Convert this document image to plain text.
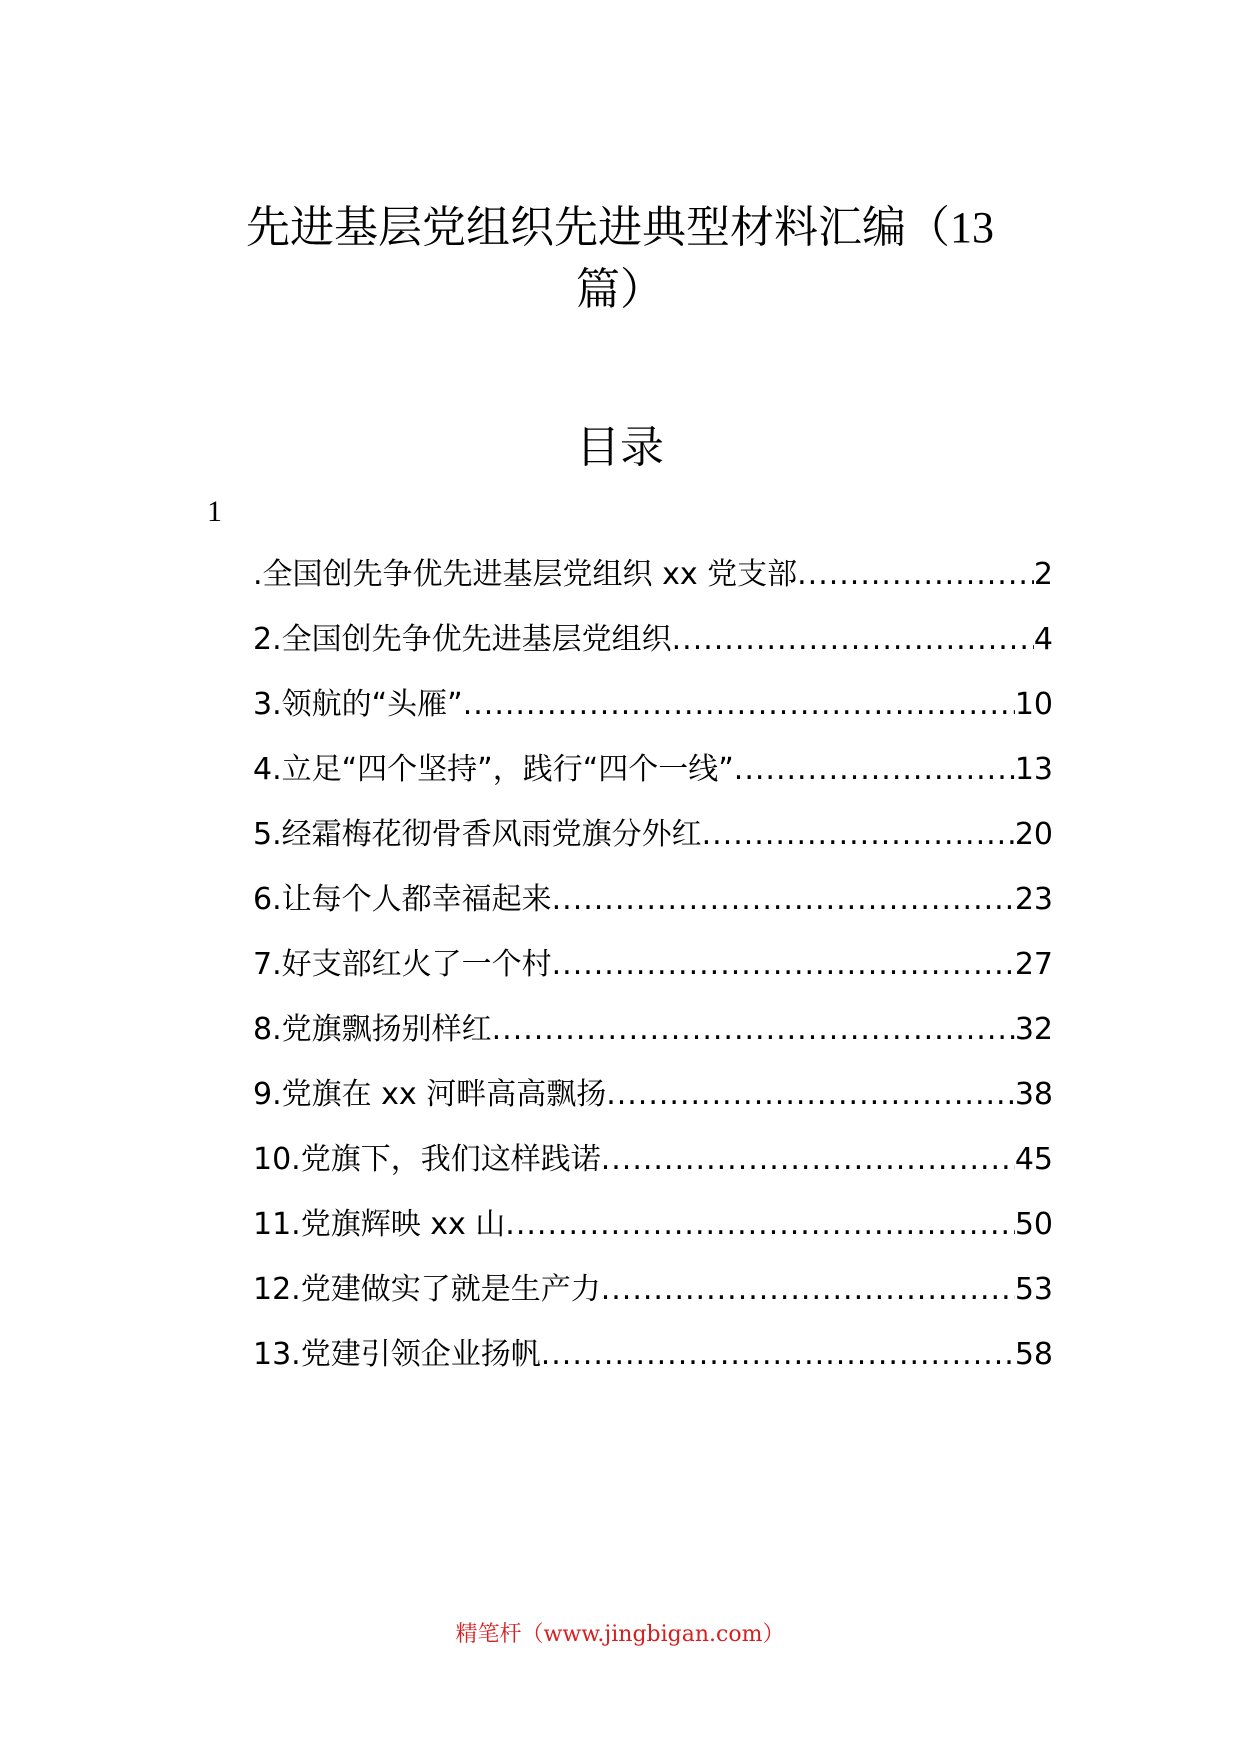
先进基层党组织先进典型材料汇编（13
篇）
目录
1
.全国创先争优先进基层党组织 xx 党支部 .....	2
2.全国创先争优先进基层党组织 .....	4
3.领航的“头雁” .....	10
4.立足“四个坚持”，践行“四个一线” .....	13
5.经霜梅花彻骨香风雨党旗分外红 .....	20
6.让每个人都幸福起来 .....	23
7.好支部红火了一个村 .....	27
8.党旗飘扬别样红 .....	32
9.党旗在 xx 河畔高高飘扬 .....	38
10.党旗下，我们这样践诺 .....	45
11.党旗辉映 xx 山 .....	50
12.党建做实了就是生产力 .....	53
13.党建引领企业扬帆 .....	58
精笔杆（www.jingbigan.com）
